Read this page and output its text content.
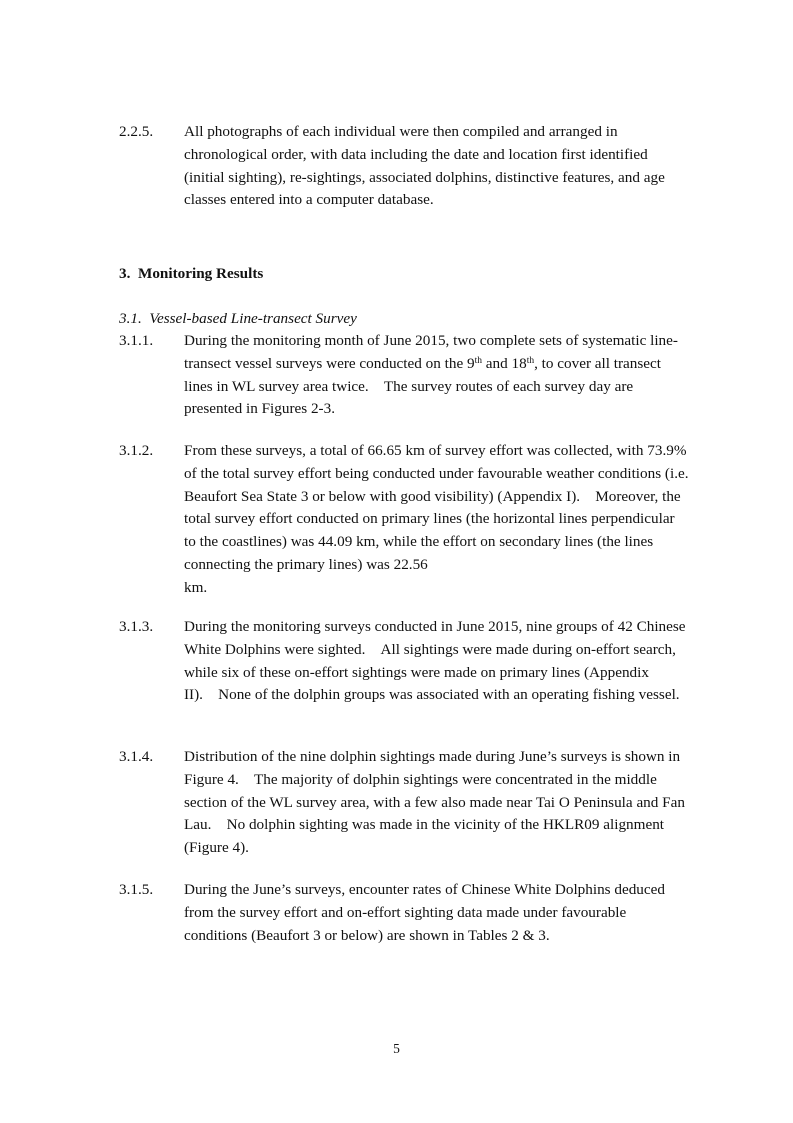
2.2.5. All photographs of each individual were then compiled and arranged in chronological order, with data including the date and location first identified (initial sighting), re-sightings, associated dolphins, distinctive features, and age classes entered into a computer database.
3.  Monitoring Results
3.1.  Vessel-based Line-transect Survey
3.1.1. During the monitoring month of June 2015, two complete sets of systematic line-transect vessel surveys were conducted on the 9th and 18th, to cover all transect lines in WL survey area twice.    The survey routes of each survey day are presented in Figures 2-3.
3.1.2. From these surveys, a total of 66.65 km of survey effort was collected, with 73.9% of the total survey effort being conducted under favourable weather conditions (i.e. Beaufort Sea State 3 or below with good visibility) (Appendix I).    Moreover, the total survey effort conducted on primary lines (the horizontal lines perpendicular to the coastlines) was 44.09 km, while the effort on secondary lines (the lines connecting the primary lines) was 22.56
km.
3.1.3. During the monitoring surveys conducted in June 2015, nine groups of 42 Chinese White Dolphins were sighted.    All sightings were made during on-effort search, while six of these on-effort sightings were made on primary lines (Appendix II).    None of the dolphin groups was associated with an operating fishing vessel.
3.1.4. Distribution of the nine dolphin sightings made during June’s surveys is shown in Figure 4.    The majority of dolphin sightings were concentrated in the middle section of the WL survey area, with a few also made near Tai O Peninsula and Fan Lau.    No dolphin sighting was made in the vicinity of the HKLR09 alignment (Figure 4).
3.1.5. During the June’s surveys, encounter rates of Chinese White Dolphins deduced from the survey effort and on-effort sighting data made under favourable conditions (Beaufort 3 or below) are shown in Tables 2 & 3.
5
